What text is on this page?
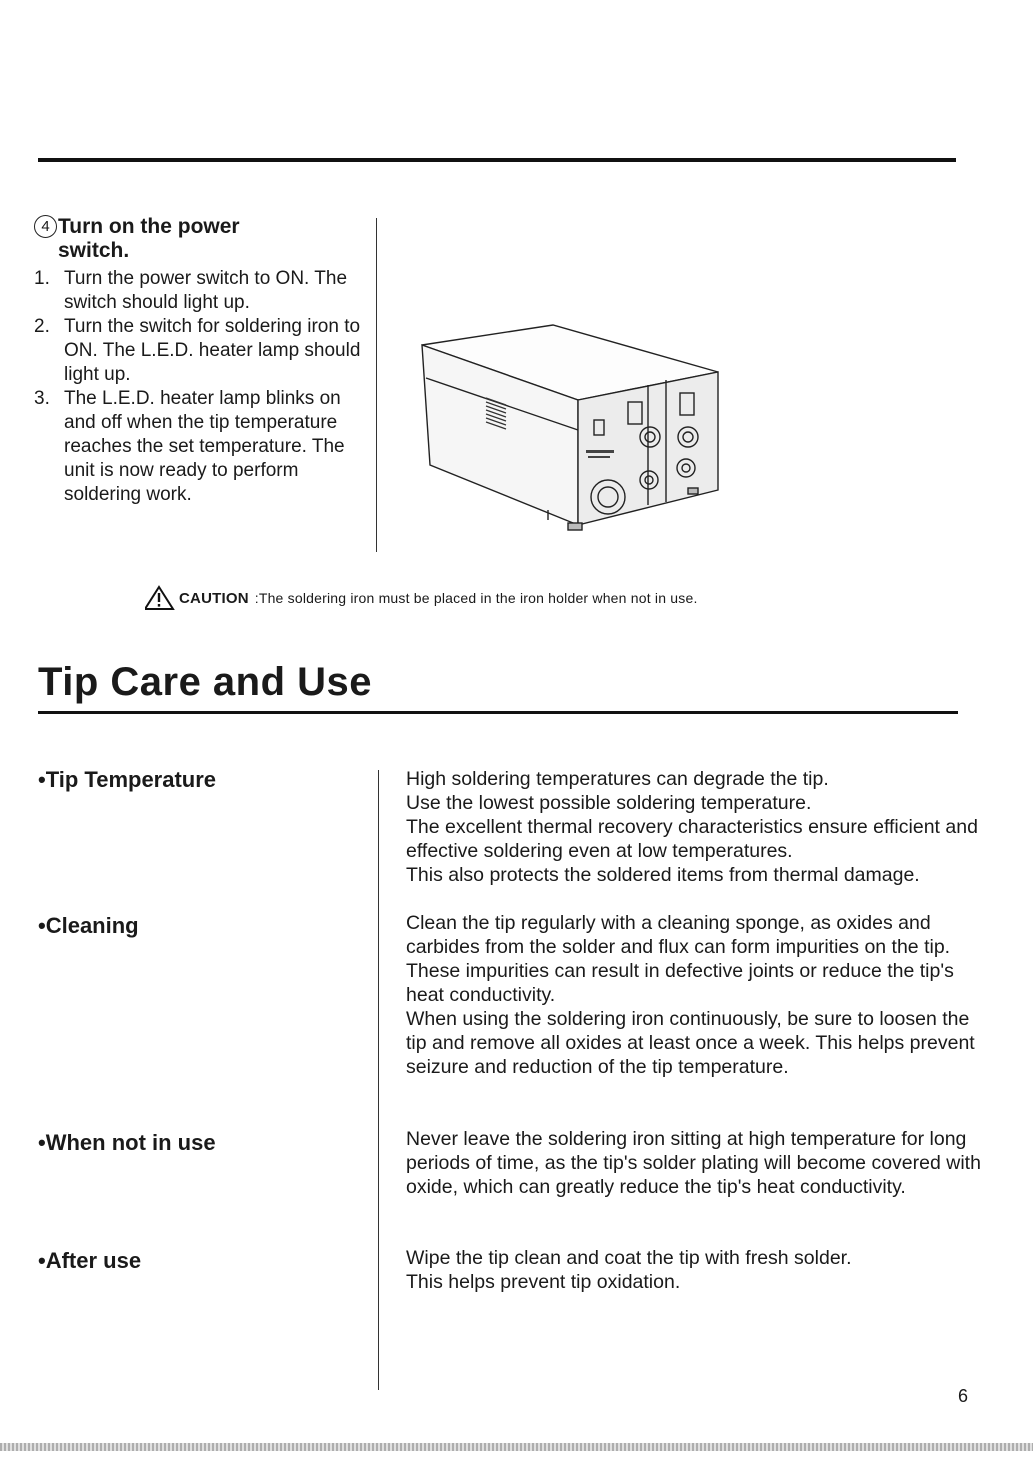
4 Turn on the power switch.
1. Turn the power switch to ON. The switch should light up.
2. Turn the switch for soldering iron to ON. The L.E.D. heater lamp should light up.
3. The L.E.D. heater lamp blinks on and off when the tip temperature reaches the set temperature. The unit is now ready to perform soldering work.
CAUTION :The soldering iron must be placed in the iron holder when not in use.
Tip Care and Use
•Tip Temperature	High soldering temperatures can degrade the tip.
Use the lowest possible soldering temperature.
The excellent thermal recovery characteristics ensure efficient and effective soldering even at low temperatures.
This also protects the soldered items from thermal damage.

•Cleaning	Clean the tip regularly with a cleaning sponge, as oxides and carbides from the solder and flux can form impurities on the tip. These impurities can result in defective joints or reduce the tip's heat conductivity.
When using the soldering iron continuously, be sure to loosen the tip and remove all oxides at least once a week. This helps prevent seizure and reduction of the tip temperature.

•When not in use	Never leave the soldering iron sitting at high temperature for long periods of time, as the tip's solder plating will become covered with oxide, which can greatly reduce the tip's heat conductivity.

•After use	Wipe the tip clean and coat the tip with fresh solder.
This helps prevent tip oxidation.

6
